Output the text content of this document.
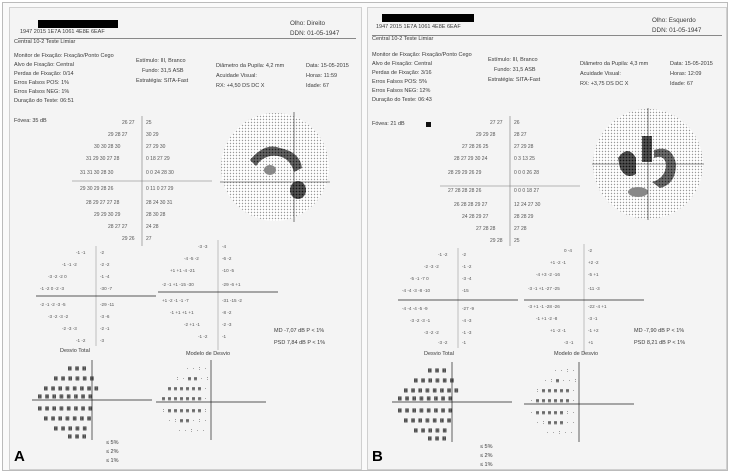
1947 2015 1E7A 1061 4E8E 6EAF
Olho: Direito
DDN: 01-05-1947
Central 10-2 Teste Limiar
Monitor de Fixação: Fixação/Ponto Cego
Alvo de Fixação: Central
Perdas de Fixação: 0/14
Erros Falsos POS: 1%
Erros Falsos NEG: 1%
Duração do Teste: 06:51
Estímulo: III, Branco
Fundo: 31,5 ASB
Estratégia: SITA-Fast
Diâmetro da Pupila: 4,2 mm
Acuidade Visual:
RX: +4,50 DS DC X
Data: 15-05-2015
Horas: 11:59
Idade: 67
Fóvea: 35 dB	26 27 25
29 28 27	30 29
30 30 28 30	27 29 30
31 29 30 27 28	0 18 27 29
31 31 30 28 30	0 0 24 28 30
29 30 29 28 26	0 11 0 27 29
28 29 27 27 28	28 24 30 31
29 29 30 29	28 30 28
28 27 27	24 28
29 26 27
-1 -1	-2
-1 -1 -2	-2 -2
-3 -2 -2 0	-1 -4
-1 -2 0 -2 -3	-30 -7
-2 -1 -2 -3 -5	-29 -11
-3 -2 -3 -2	-3 -6
-2 -3 -3	-2 -1
-1 -2	-3
-3 -3	-4
-4 -5 -2	-6 -2
+1 +1 -4 -21	-10 -5
-2 -1 +1 -15 -30	-29 -6 +1
+1 -2 -1 -1 -7	-31 -15 -2
-1 +1 +1 +1	-8 -2
-2 +1 -1	-2 -3
-1 -2	-1
MD -7,07 dB P < 1%
PSD 7,84 dB P < 1%
Desvio Total	Modelo de Desvio
▦ ▦ ▦
▦ ▦ ▦ ▦ ▦ ▦
▦ ▦ ▦ ▦ ▦ ▦ ▦ ▦
▦ ▦ ▦ ▦ ▦ ▦ ▦ ▦
▦ ▦ ▦ ▦ ▦ ▦ ▦ ▦
▦ ▦ ▦ ▦ ▦ ▦ ▦
▦ ▦ ▦ ▦ ▦
▦ ▦ ▦
· · : ·
: · ▦ ▦ · :
▦ ▦ ▦ ▦ ▦ ▦ ·
▦ ▦ ▦ ▦ ▦ ▦ ▦ ·
: ▦ ▦ ▦ ▦ ▦ ▦ :
· : ▦ ▦ · : ·
· · : · ·
≤ 5%
≤ 2%
≤ 1%
A
1947 2015 1E7A 1061 4E8E 6EAF
Olho: Esquerdo
DDN: 01-05-1947
Central 10-2 Teste Limiar
Monitor de Fixação: Fixação/Ponto Cego
Alvo de Fixação: Central
Perdas de Fixação: 3/16
Erros Falsos POS: 5%
Erros Falsos NEG: 12%
Duração do Teste: 06:43
Estímulo: III, Branco
Fundo: 31,5 ASB
Estratégia: SITA-Fast
Diâmetro da Pupila: 4,3 mm
Acuidade Visual:
RX: +3,75 DS DC X
Data: 15-05-2015
Horas: 12:09
Idade: 67
Fóvea: 21 dB	27 27 26
29 29 28	28 27
27 28 26 25	27 29 28
28 27 29 30 24	0 3 13 25
28 29 29 26 29	0 0 0 26 28
27 28 28 28 26	0 0 0 18 27
26 28 28 29 27	12 24 27 30
24 28 29 27	28 28 29
27 28 28	27 28
29 28 25
-1 -2	-2
-2 -3 -2	-1 -2
-5 -1 -7 0	-3 -4
-4 -4 -3 -8 -10	-15
-4 -4 -4 -5 -9	-27 -9
-3 -2 -3 -1	-4 -3
-3 -2 -2	-1 -3
-3 -2	-1
0 -4	-2
+1 -2 -1	+2 -2
-4 +3 -2 -16	-5 +1
-3 -1 +1 -27 -25	-11 -3
-3 +1 -1 -28 -26	-22 -4 +1
-1 +1 -2 -8	-3 -1
+1 -2 -1	-1 +2
-3 -1	+1
MD -7,90 dB P < 1%
PSD 8,21 dB P < 1%
Desvio Total	Modelo de Desvio
▦ ▦ ▦
▦ ▦ ▦ ▦ ▦ ▦
▦ ▦ ▦ ▦ ▦ ▦ ▦ ▦
▦ ▦ ▦ ▦ ▦ ▦ ▦ ▦
▦ ▦ ▦ ▦ ▦ ▦ ▦ ▦
▦ ▦ ▦ ▦ ▦ ▦ ▦
▦ ▦ ▦ ▦ ▦
▦ ▦ ▦
· · : ·
· : ▦ · · :
: ▦ ▦ ▦ ▦ ▦ ·
· ▦ ▦ ▦ ▦ ▦ ▦ ·
· ▦ ▦ ▦ ▦ ▦ : ·
· : ▦ ▦ ▦ · ·
· · : · ·
≤ 5%
≤ 2%
≤ 1%
B
